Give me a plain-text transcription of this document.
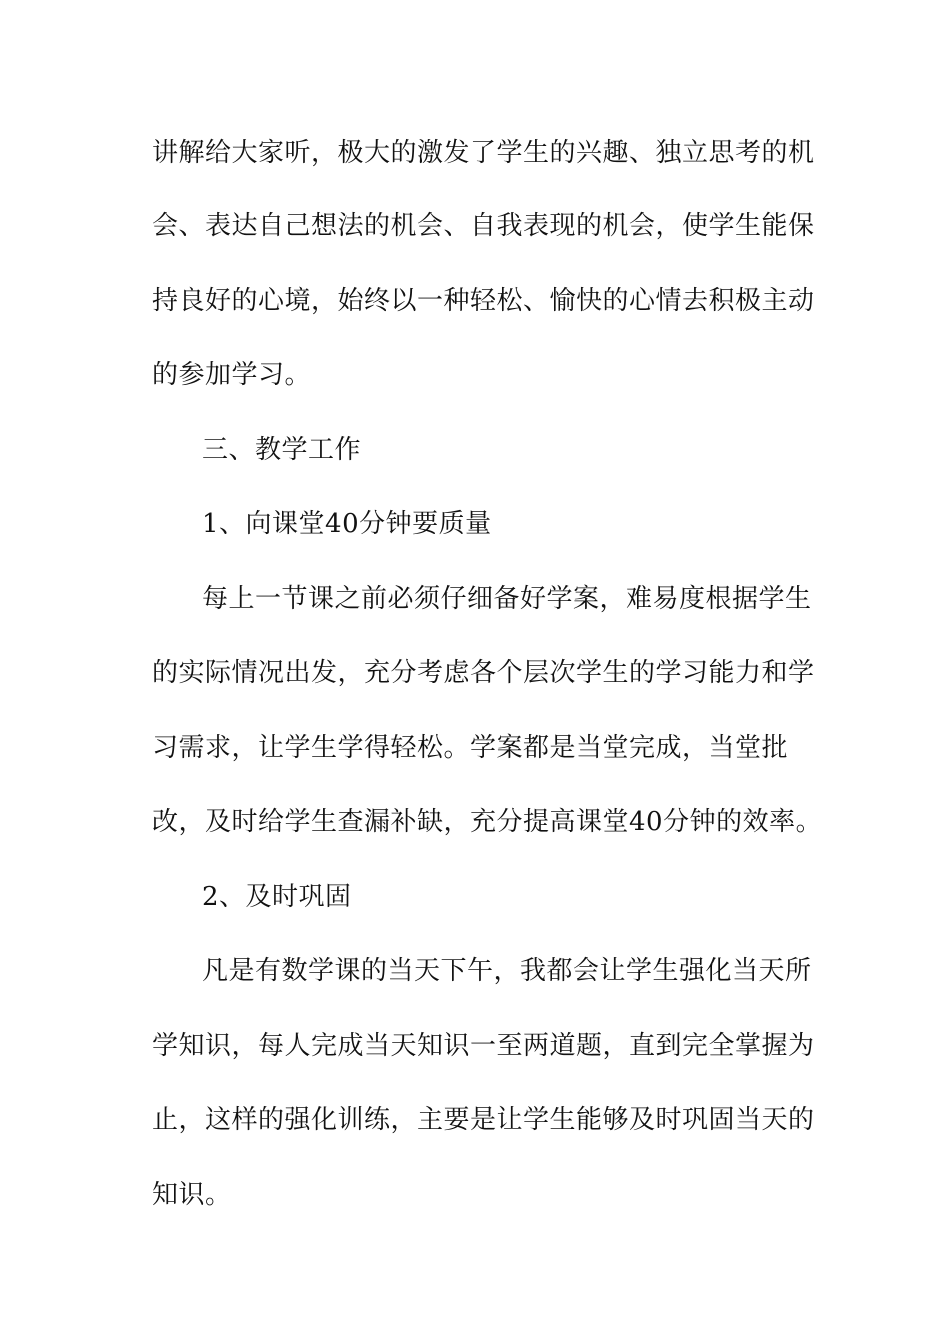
讲解给大家听，极大的激发了学生的兴趣、独立思考的机
会、表达自己想法的机会、自我表现的机会，使学生能保
持良好的心境，始终以一种轻松、愉快的心情去积极主动
的参加学习。
三、教学工作
1、向课堂40分钟要质量
每上一节课之前必须仔细备好学案，难易度根据学生
的实际情况出发，充分考虑各个层次学生的学习能力和学
习需求，让学生学得轻松。学案都是当堂完成，当堂批
改，及时给学生查漏补缺，充分提高课堂40分钟的效率。
2、及时巩固
凡是有数学课的当天下午，我都会让学生强化当天所
学知识，每人完成当天知识一至两道题，直到完全掌握为
止，这样的强化训练，主要是让学生能够及时巩固当天的
知识。
